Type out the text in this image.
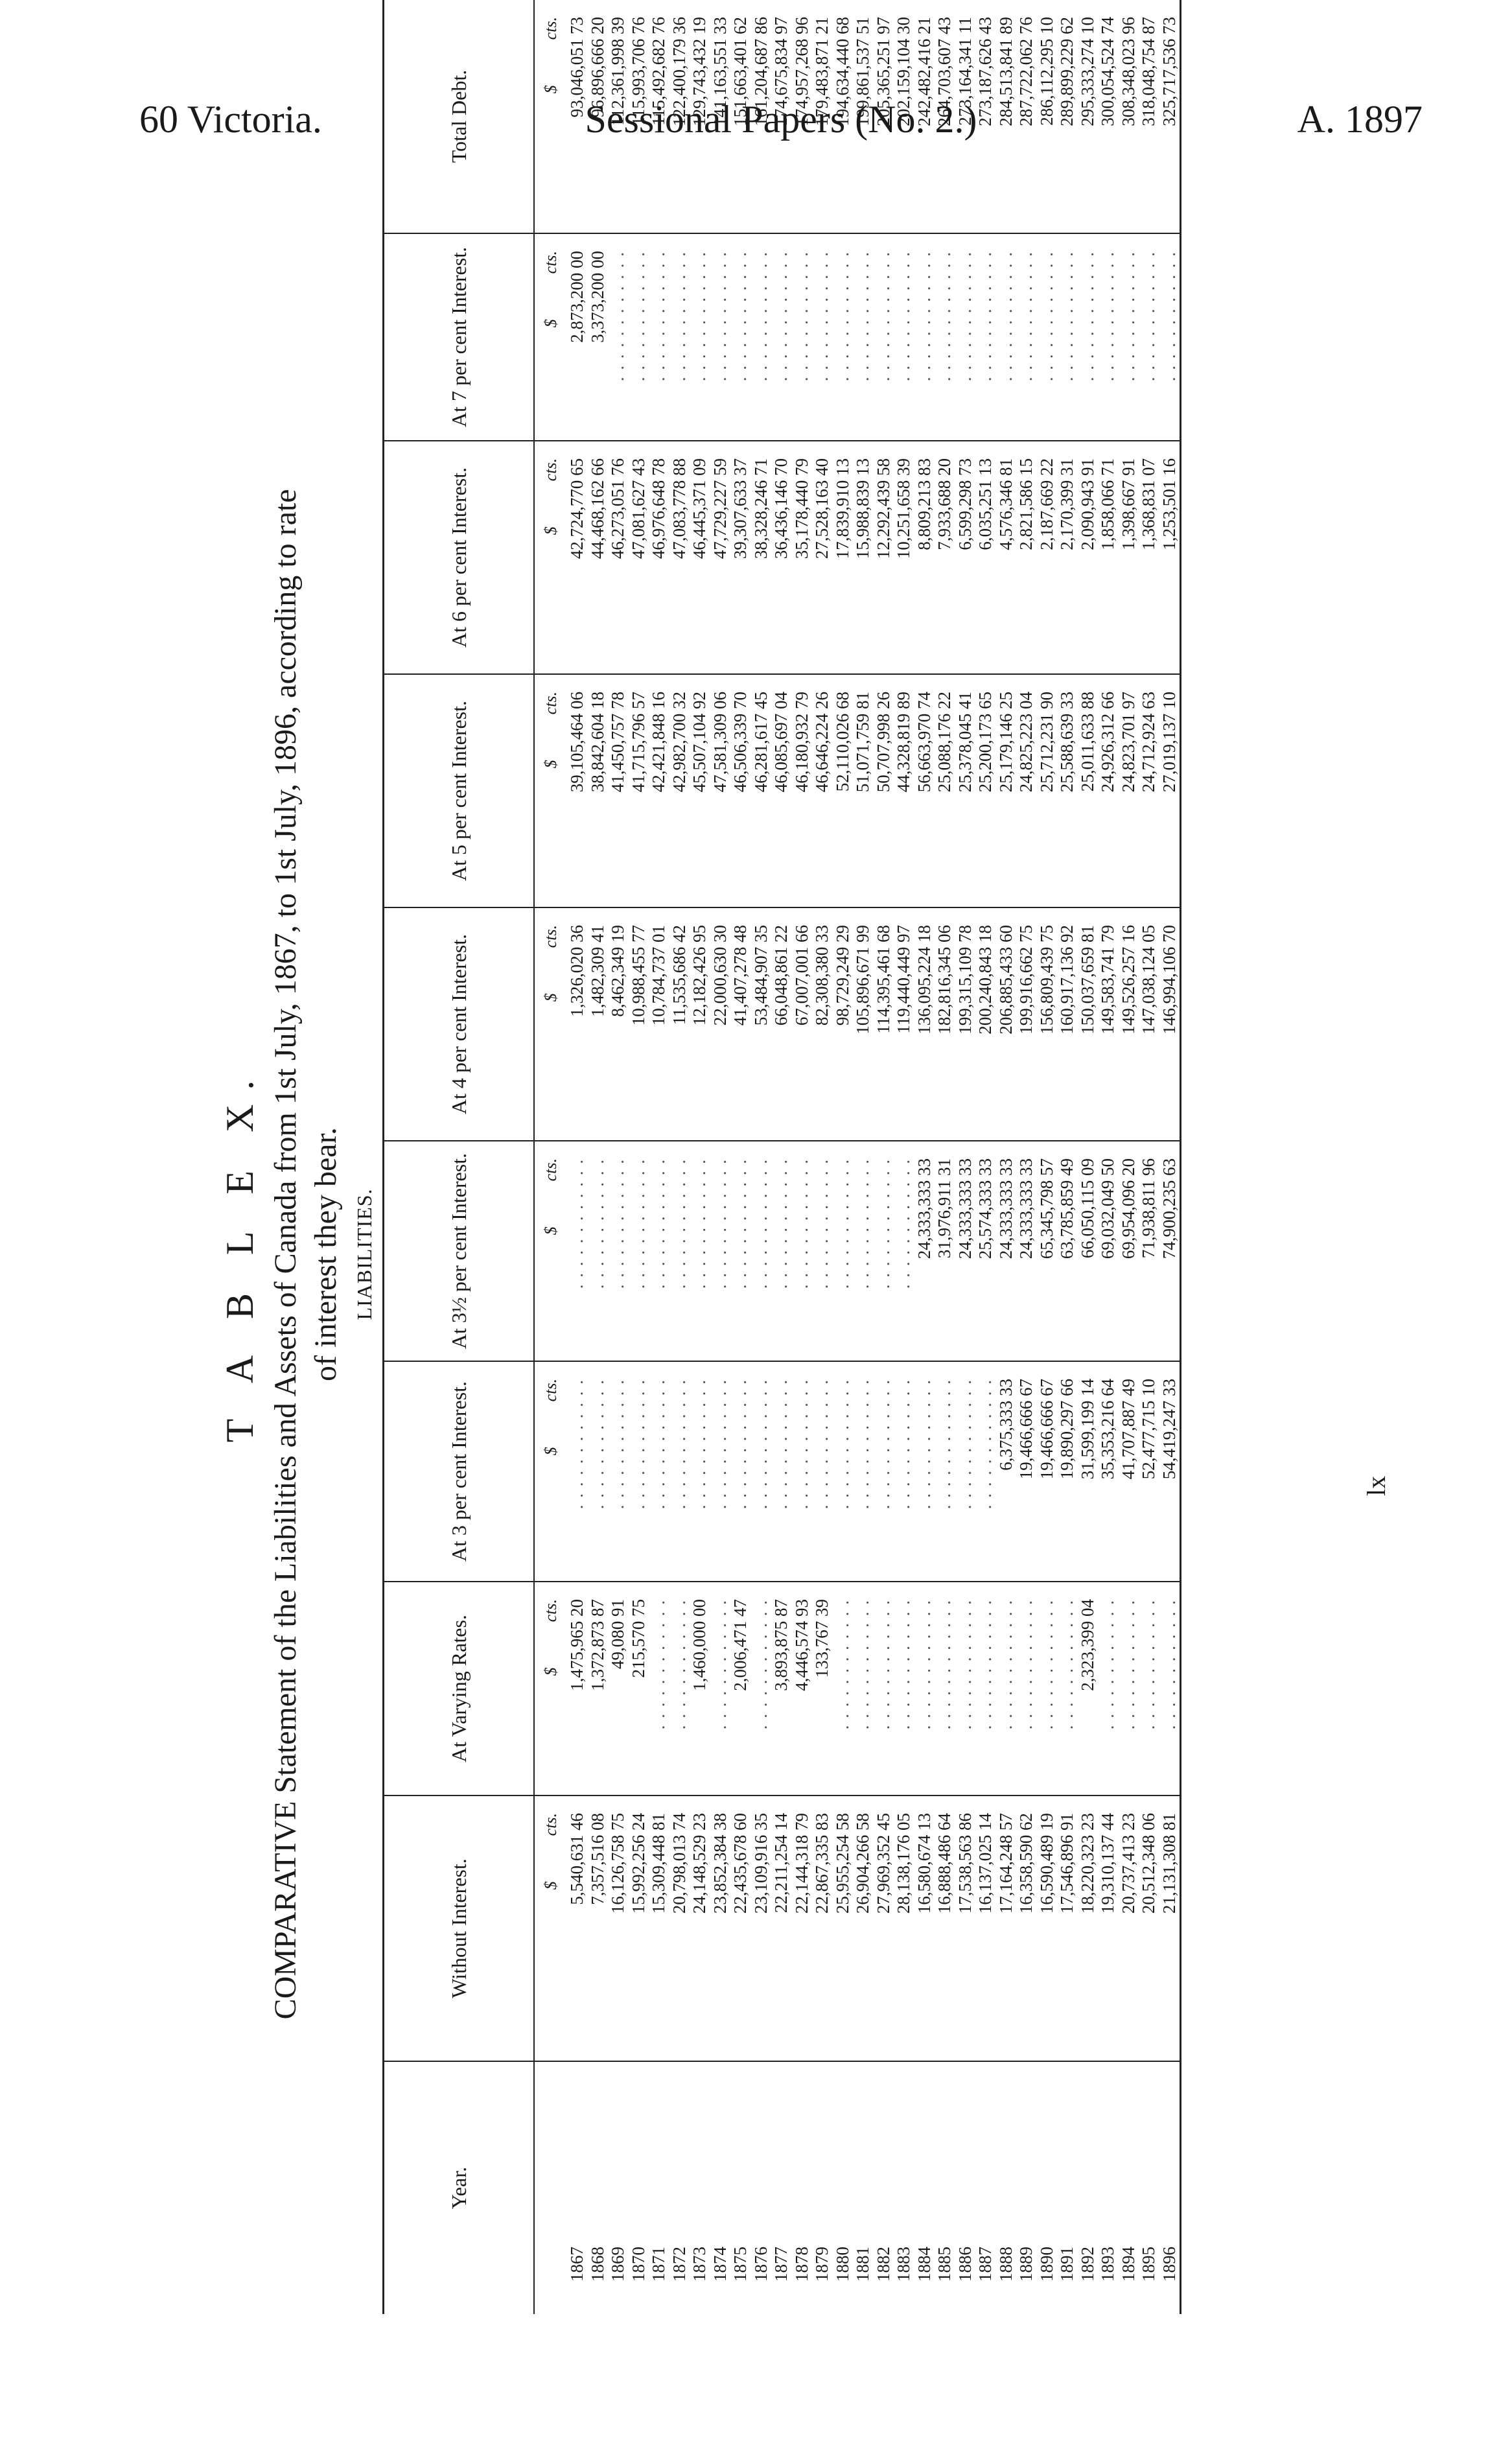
60 Victoria.	Sessional Papers (No. 2.)	A. 1897
T A B L E X. COMPARATIVE Statement of the Liabilities and Assets of Canada from 1st July, 1867, to 1st July, 1896, according to rate of interest they bear. LIABILITIES.
Year.	Without Interest.	At Varying Rates.	At 3 per cent Interest.	At 3½ per cent Interest.	At 4 per cent Interest.	At 5 per cent Interest.	At 6 per cent Interest.	At 7 per cent Interest.	Total Debt.
	$cts.	$cts.	$cts.	$cts.	$cts.	$cts.	$cts.	$cts.	$cts.
1867	5,540,631 46	1,475,965 20	. . . . . . . . . . . .	. . . . . . . . . . . .	1,326,020 36	39,105,464 06	42,724,770 65	2,873,200 00	93,046,051 73
1868	7,357,516 08	1,372,873 87	. . . . . . . . . . . .	. . . . . . . . . . . .	1,482,309 41	38,842,604 18	44,468,162 66	3,373,200 00	96,896,666 20
1869	16,126,758 75	49,080 91	. . . . . . . . . . . .	. . . . . . . . . . . .	8,462,349 19	41,450,757 78	46,273,051 76	. . . . . . . . . . . .	112,361,998 39
1870	15,992,256 24	215,570 75	. . . . . . . . . . . .	. . . . . . . . . . . .	10,988,455 77	41,715,796 57	47,081,627 43	. . . . . . . . . . . .	115,993,706 76
1871	15,309,448 81	. . . . . . . . . . . .	. . . . . . . . . . . .	. . . . . . . . . . . .	10,784,737 01	42,421,848 16	46,976,648 78	. . . . . . . . . . . .	115,492,682 76
1872	20,798,013 74	. . . . . . . . . . . .	. . . . . . . . . . . .	. . . . . . . . . . . .	11,535,686 42	42,982,700 32	47,083,778 88	. . . . . . . . . . . .	122,400,179 36
1873	24,148,529 23	1,460,000 00	. . . . . . . . . . . .	. . . . . . . . . . . .	12,182,426 95	45,507,104 92	46,445,371 09	. . . . . . . . . . . .	129,743,432 19
1874	23,852,384 38	. . . . . . . . . . . .	. . . . . . . . . . . .	. . . . . . . . . . . .	22,000,630 30	47,581,309 06	47,729,227 59	. . . . . . . . . . . .	141,163,551 33
1875	22,435,678 60	2,006,471 47	. . . . . . . . . . . .	. . . . . . . . . . . .	41,407,278 48	46,506,339 70	39,307,633 37	. . . . . . . . . . . .	151,663,401 62
1876	23,109,916 35	. . . . . . . . . . . .	. . . . . . . . . . . .	. . . . . . . . . . . .	53,484,907 35	46,281,617 45	38,328,246 71	. . . . . . . . . . . .	161,204,687 86
1877	22,211,254 14	3,893,875 87	. . . . . . . . . . . .	. . . . . . . . . . . .	66,048,861 22	46,085,697 04	36,436,146 70	. . . . . . . . . . . .	174,675,834 97
1878	22,144,318 79	4,446,574 93	. . . . . . . . . . . .	. . . . . . . . . . . .	67,007,001 66	46,180,932 79	35,178,440 79	. . . . . . . . . . . .	174,957,268 96
1879	22,867,335 83	133,767 39	. . . . . . . . . . . .	. . . . . . . . . . . .	82,308,380 33	46,646,224 26	27,528,163 40	. . . . . . . . . . . .	179,483,871 21
1880	25,955,254 58	. . . . . . . . . . . .	. . . . . . . . . . . .	. . . . . . . . . . . .	98,729,249 29	52,110,026 68	17,839,910 13	. . . . . . . . . . . .	194,634,440 68
1881	26,904,266 58	. . . . . . . . . . . .	. . . . . . . . . . . .	. . . . . . . . . . . .	105,896,671 99	51,071,759 81	15,988,839 13	. . . . . . . . . . . .	199,861,537 51
1882	27,969,352 45	. . . . . . . . . . . .	. . . . . . . . . . . .	. . . . . . . . . . . .	114,395,461 68	50,707,998 26	12,292,439 58	. . . . . . . . . . . .	205,365,251 97
1883	28,138,176 05	. . . . . . . . . . . .	. . . . . . . . . . . .	. . . . . . . . . . . .	119,440,449 97	44,328,819 89	10,251,658 39	. . . . . . . . . . . .	202,159,104 30
1884	16,580,674 13	. . . . . . . . . . . .	. . . . . . . . . . . .	24,333,333 33	136,095,224 18	56,663,970 74	8,809,213 83	. . . . . . . . . . . .	242,482,416 21
1885	16,888,486 64	. . . . . . . . . . . .	. . . . . . . . . . . .	31,976,911 31	182,816,345 06	25,088,176 22	7,933,688 20	. . . . . . . . . . . .	264,703,607 43
1886	17,538,563 86	. . . . . . . . . . . .	. . . . . . . . . . . .	24,333,333 33	199,315,109 78	25,378,045 41	6,599,298 73	. . . . . . . . . . . .	273,164,341 11
1887	16,137,025 14	. . . . . . . . . . . .	. . . . . . . . . . . .	25,574,333 33	200,240,843 18	25,200,173 65	6,035,251 13	. . . . . . . . . . . .	273,187,626 43
1888	17,164,248 57	. . . . . . . . . . . .	6,375,333 33	24,333,333 33	206,885,433 60	25,179,146 25	4,576,346 81	. . . . . . . . . . . .	284,513,841 89
1889	16,358,590 62	. . . . . . . . . . . .	19,466,666 67	24,333,333 33	199,916,662 75	24,825,223 04	2,821,586 15	. . . . . . . . . . . .	287,722,062 76
1890	16,590,489 19	. . . . . . . . . . . .	19,466,666 67	65,345,798 57	156,809,439 75	25,712,231 90	2,187,669 22	. . . . . . . . . . . .	286,112,295 10
1891	17,546,896 91	. . . . . . . . . . . .	19,890,297 66	63,785,859 49	160,917,136 92	25,588,639 33	2,170,399 31	. . . . . . . . . . . .	289,899,229 62
1892	18,220,323 23	2,323,399 04	31,599,199 14	66,050,115 09	150,037,659 81	25,011,633 88	2,090,943 91	. . . . . . . . . . . .	295,333,274 10
1893	19,310,137 44	. . . . . . . . . . . .	35,353,216 64	69,032,049 50	149,583,741 79	24,926,312 66	1,858,066 71	. . . . . . . . . . . .	300,054,524 74
1894	20,737,413 23	. . . . . . . . . . . .	41,707,887 49	69,954,096 20	149,526,257 16	24,823,701 97	1,398,667 91	. . . . . . . . . . . .	308,348,023 96
1895	20,512,348 06	. . . . . . . . . . . .	52,477,715 10	71,938,811 96	147,038,124 05	24,712,924 63	1,368,831 07	. . . . . . . . . . . .	318,048,754 87
1896	21,131,308 81	. . . . . . . . . . . .	54,419,247 33	74,900,235 63	146,994,106 70	27,019,137 10	1,253,501 16	. . . . . . . . . . . .	325,717,536 73
lx
